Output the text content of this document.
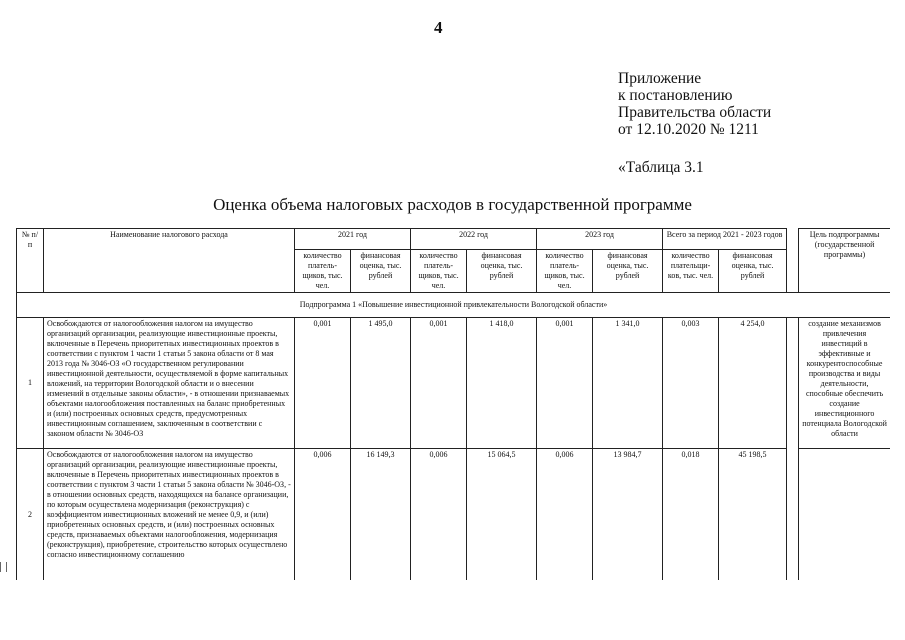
4
Приложение
к постановлению
Правительства области
от 12.10.2020 № 1211
«Таблица 3.1
Оценка объема налоговых расходов в государственной программе
№ п/п	Наименование налогового расхода	2021 год		2022 год		2023 год		Всего за период 2021 - 2023 годов			Цель подпрограммы (государственной программы)
		количество платель-щиков, тыс. чел.	финансовая оценка, тыс. рублей	количество платель-щиков, тыс. чел.	финансовая оценка, тыс. рублей	количество платель-щиков, тыс. чел.	финансовая оценка, тыс. рублей	количество плательщи-ков, тыс. чел.	финансовая оценка, тыс. рублей		
Подпрограмма 1 «Повышение инвестиционной привлекательности Вологодской области»											
1	Освобождаются от налогообложения налогом на имущество организаций организации, реализующие инвестиционные проекты, включенные в Перечень приоритетных инвестиционных проектов в соответствии с пунктом 1 части 1 статьи 5 закона области от 8 мая 2013 года № 3046-ОЗ «О государственном регулировании инвестиционной деятельности, осуществляемой в форме капитальных вложений, на территории Вологодской области и о внесении изменений в отдельные законы области», - в отношении признаваемых объектами налогообложения поставленных на баланс приобретенных и (или) построенных основных средств, предусмотренных инвестиционным соглашением, заключенным в соответствии с законом области № 3046-ОЗ	0,001	1 495,0	0,001	1 418,0	0,001	1 341,0	0,003	4 254,0		создание механизмов привлечения инвестиций в эффективные и конкурентоспособные производства и виды деятельности, способные обеспечить создание инвестиционного потенциала Вологодской области
2	Освобождаются от налогообложения налогом на имущество организаций организации, реализующие инвестиционные проекты, включенные в Перечень приоритетных инвестиционных проектов в соответствии с пунктом 3 части 1 статьи 5 закона области № 3046-ОЗ, - в отношении основных средств, находящихся на балансе организации, по которым осуществлена модернизация (реконструкция) с коэффициентом инвестиционных вложений не менее 0,9, и (или) приобретенных основных средств, и (или) построенных основных средств, признаваемых объектами налогообложения, модернизация (реконструкция), приобретение, строительство которых осуществлено согласно инвестиционному соглашению	0,006	16 149,3	0,006	15 064,5	0,006	13 984,7	0,018	45 198,5		
